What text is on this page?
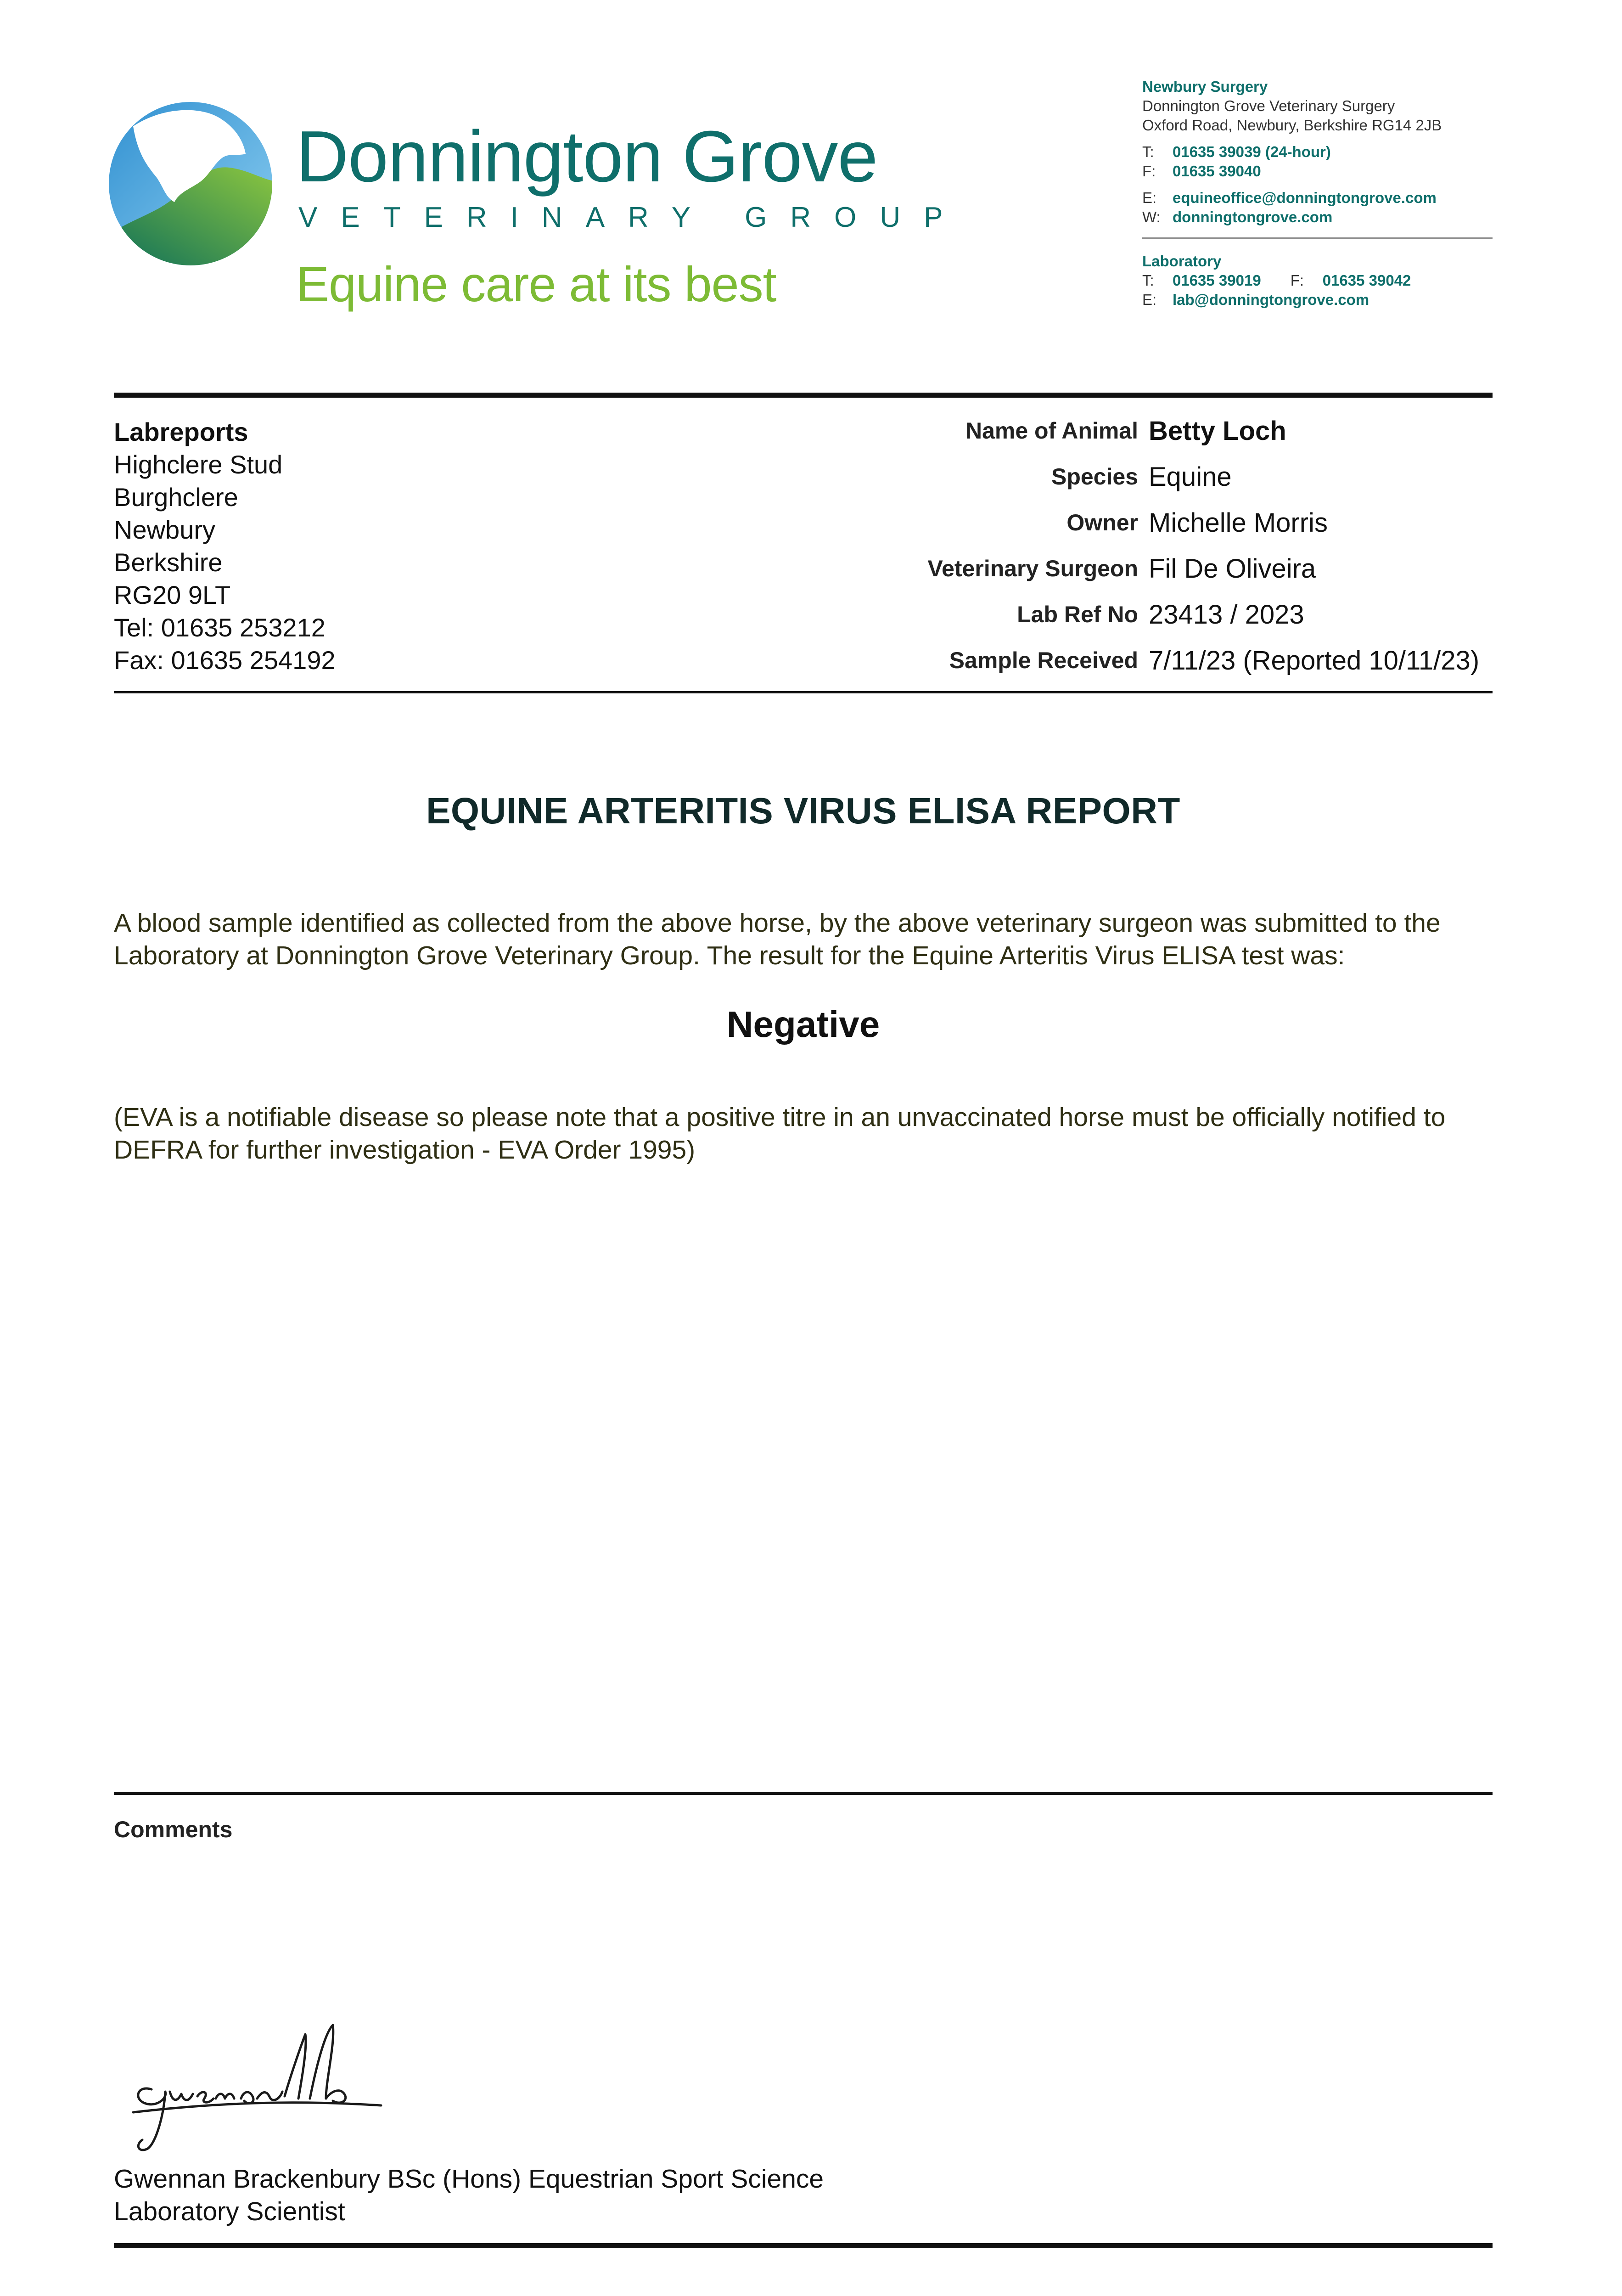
Donnington Grove
VETERINARY GROUP
Equine care at its best
Newbury Surgery
Donnington Grove Veterinary Surgery
Oxford Road, Newbury, Berkshire RG14 2JB
T: 01635 39039 (24-hour)
F: 01635 39040
E: equineoffice@donningtongrove.com
W: donningtongrove.com
Laboratory
T: 01635 39019 F: 01635 39042
E: lab@donningtongrove.com
Labreports
Highclere Stud
Burghclere
Newbury
Berkshire
RG20 9LT
Tel: 01635 253212
Fax: 01635 254192
Name of Animal Betty Loch
Species Equine
Owner Michelle Morris
Veterinary Surgeon Fil De Oliveira
Lab Ref No 23413 / 2023
Sample Received 7/11/23 (Reported 10/11/23)
EQUINE ARTERITIS VIRUS ELISA REPORT
A blood sample identified as collected from the above horse, by the above veterinary surgeon was submitted to the Laboratory at Donnington Grove Veterinary Group. The result for the Equine Arteritis Virus ELISA test was:
Negative
(EVA is a notifiable disease so please note that a positive titre in an unvaccinated horse must be officially notified to DEFRA for further investigation - EVA Order 1995)
Comments
Gwennan Brackenbury BSc (Hons) Equestrian Sport Science
Laboratory Scientist
